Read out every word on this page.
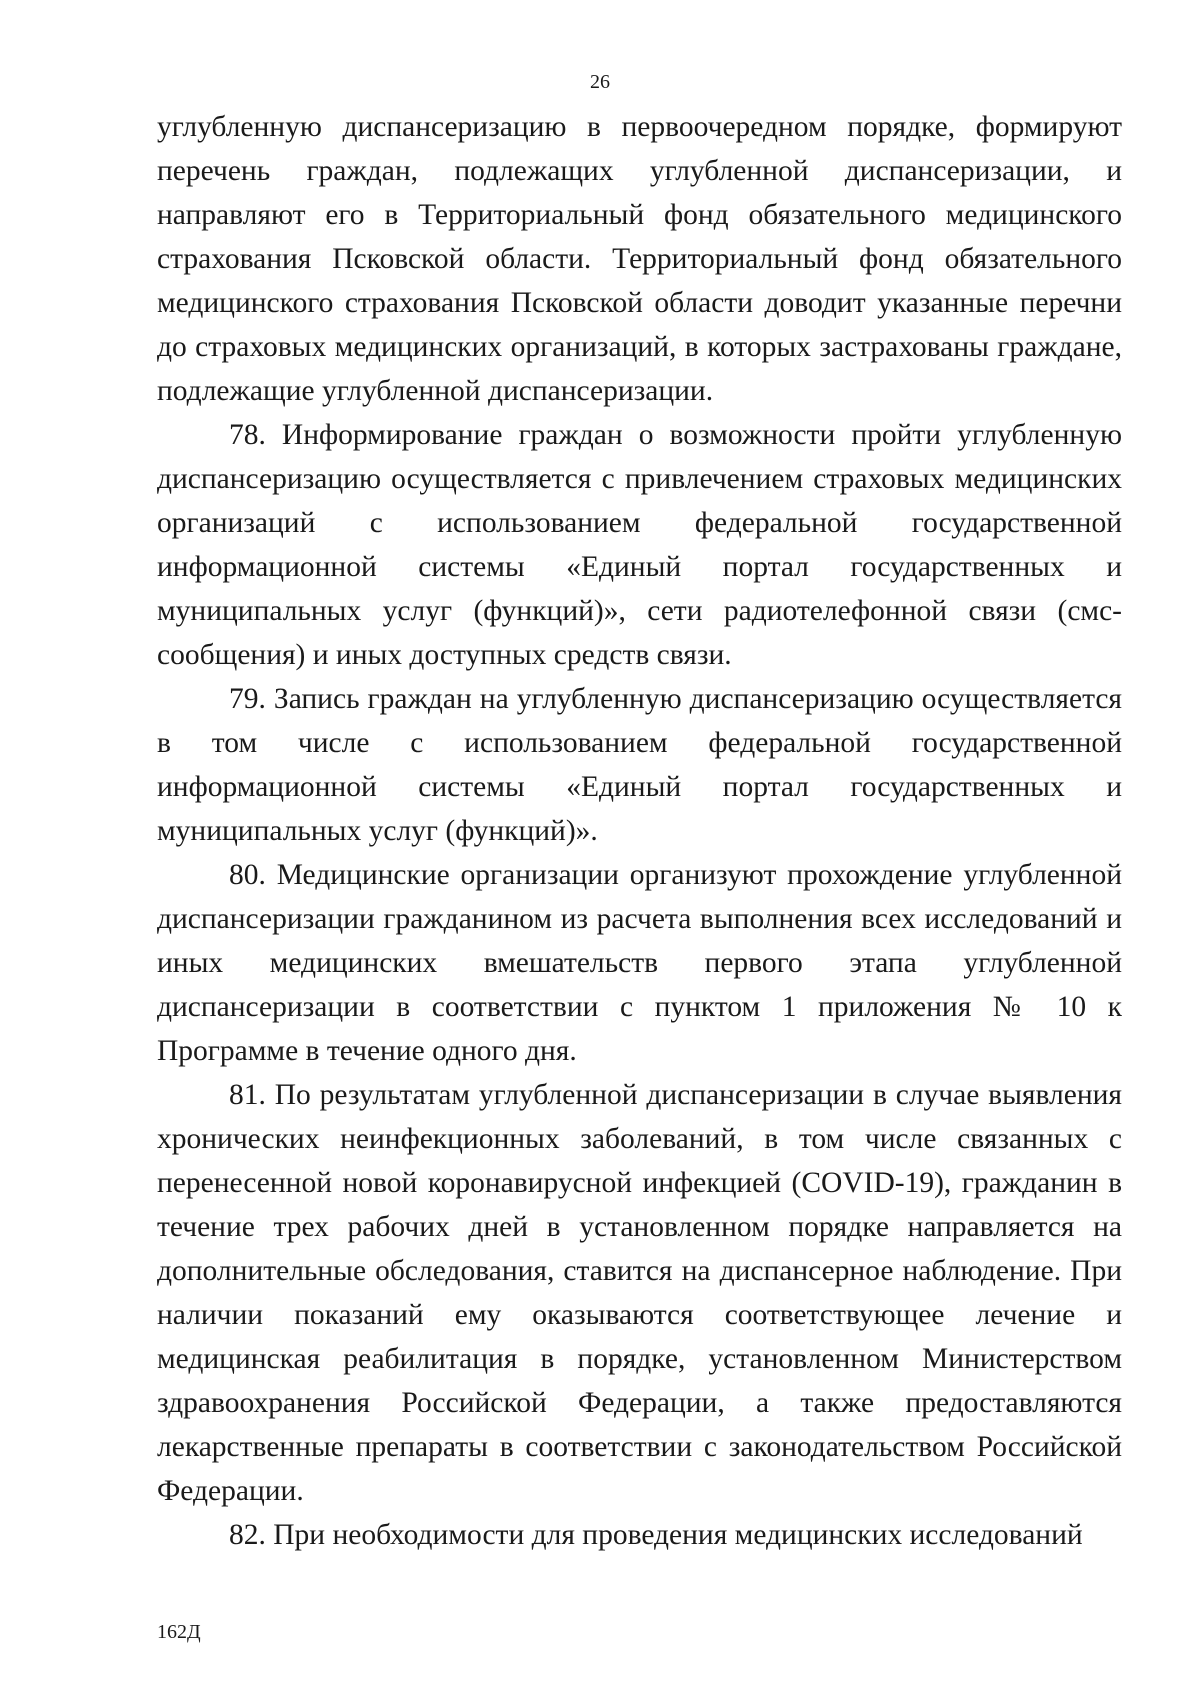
26

углубленную диспансеризацию в первоочередном порядке, формируют перечень граждан, подлежащих углубленной диспансеризации, и направляют его в Территориальный фонд обязательного медицинского страхования Псковской области. Территориальный фонд обязательного медицинского страхования Псковской области доводит указанные перечни до страховых медицинских организаций, в которых застрахованы граждане, подлежащие углубленной диспансеризации.

78. Информирование граждан о возможности пройти углубленную диспансеризацию осуществляется с привлечением страховых медицинских организаций с использованием федеральной государственной информационной системы «Единый портал государственных и муниципальных услуг (функций)», сети радиотелефонной связи (смс-сообщения) и иных доступных средств связи.

79. Запись граждан на углубленную диспансеризацию осуществляется в том числе с использованием федеральной государственной информационной системы «Единый портал государственных и муниципальных услуг (функций)».

80. Медицинские организации организуют прохождение углубленной диспансеризации гражданином из расчета выполнения всех исследований и иных медицинских вмешательств первого этапа углубленной диспансеризации в соответствии с пунктом 1 приложения № 10 к Программе в течение одного дня.

81. По результатам углубленной диспансеризации в случае выявления хронических неинфекционных заболеваний, в том числе связанных с перенесенной новой коронавирусной инфекцией (COVID-19), гражданин в течение трех рабочих дней в установленном порядке направляется на дополнительные обследования, ставится на диспансерное наблюдение. При наличии показаний ему оказываются соответствующее лечение и медицинская реабилитация в порядке, установленном Министерством здравоохранения Российской Федерации, а также предоставляются лекарственные препараты в соответствии с законодательством Российской Федерации.

82. При необходимости для проведения медицинских исследований

162Д
